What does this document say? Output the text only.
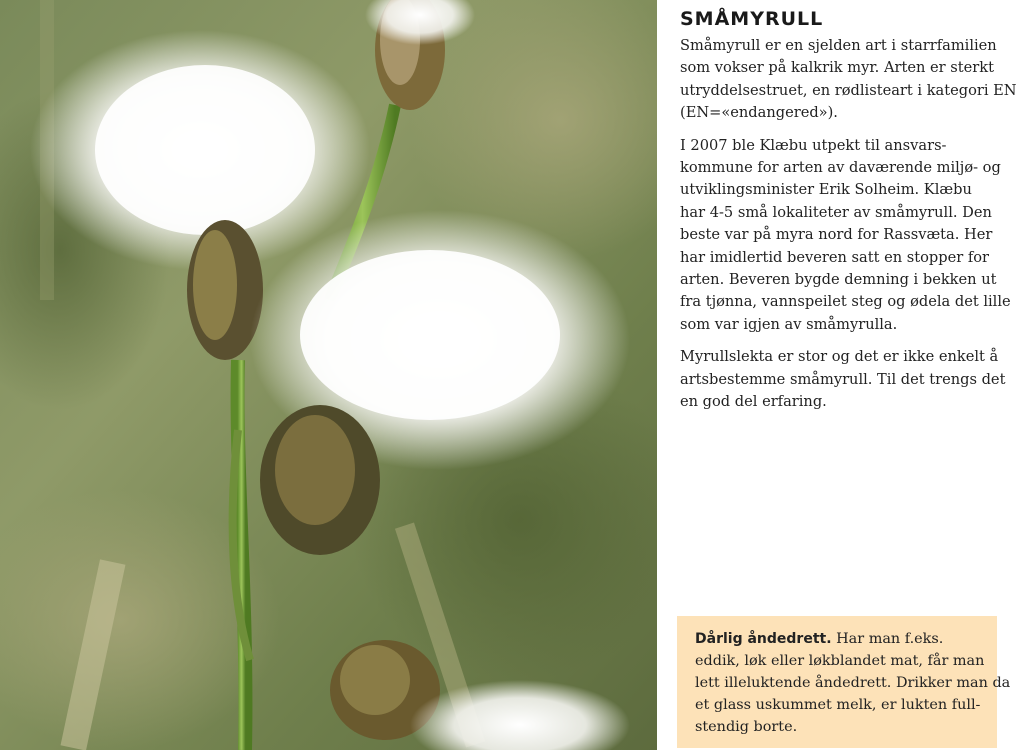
SMÅMYRULL

Småmyrull er en sjelden art i starrfamilien
som vokser på kalkrik myr. Arten er sterkt
utryddelsestruet, en rødlisteart i kategori EN
(EN=«endangered»).

I 2007 ble Klæbu utpekt til ansvars-
kommune for arten av daværende miljø- og
utviklingsminister Erik Solheim. Klæbu
har 4-5 små lokaliteter av småmyrull. Den
beste var på myra nord for Rassvæta. Her
har imidlertid beveren satt en stopper for
arten. Beveren bygde demning i bekken ut
fra tjønna, vannspeilet steg og ødela det lille
som var igjen av småmyrulla.

Myrullslekta er stor og det er ikke enkelt å
artsbestemme småmyrull. Til det trengs det
en god del erfaring.

Dårlig åndedrett. Har man f.eks.
eddik, løk eller løkblandet mat, får man
lett illeluktende åndedrett. Drikker man da
et glass uskummet melk, er lukten full-
stendig borte.
